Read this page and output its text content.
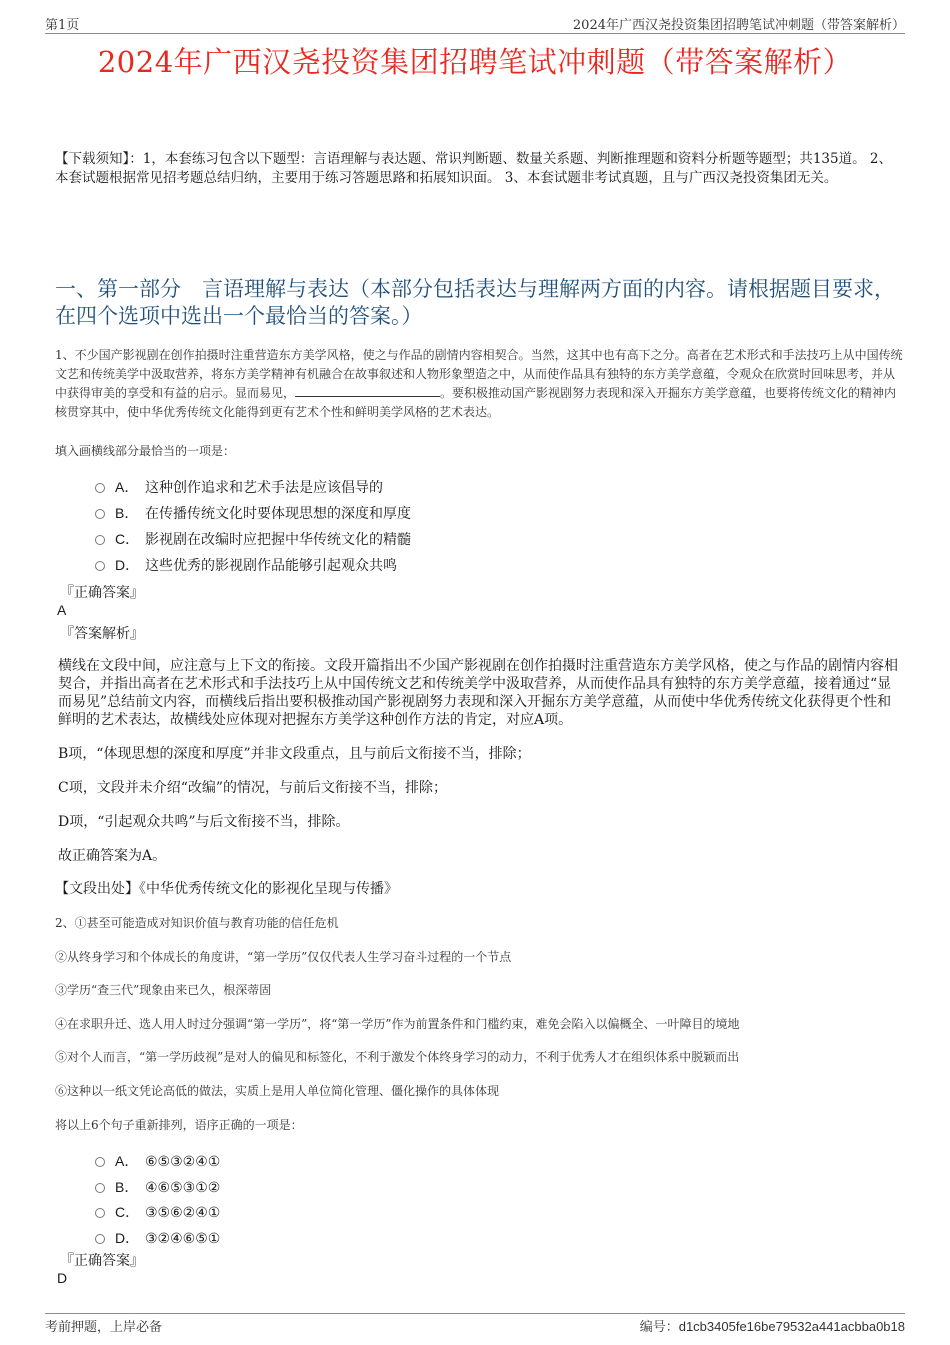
第1页	2024年广西汉尧投资集团招聘笔试冲刺题（带答案解析）
2024年广西汉尧投资集团招聘笔试冲刺题（带答案解析）
【下载须知】：1，本套练习包含以下题型：言语理解与表达题、常识判断题、数量关系题、判断推理题和资料分析题等题型；共135道。 2、本套试题根据常见招考题总结归纳，主要用于练习答题思路和拓展知识面。 3、本套试题非考试真题，且与广西汉尧投资集团无关。
一、第一部分　言语理解与表达（本部分包括表达与理解两方面的内容。请根据题目要求，在四个选项中选出一个最恰当的答案。）
1、不少国产影视剧在创作拍摄时注重营造东方美学风格，使之与作品的剧情内容相契合。当然，这其中也有高下之分。高者在艺术形式和手法技巧上从中国传统文艺和传统美学中汲取营养，将东方美学精神有机融合在故事叙述和人物形象塑造之中，从而使作品具有独特的东方美学意蕴，令观众在欣赏时回味思考，并从中获得审美的享受和有益的启示。显而易见，	。要积极推动国产影视剧努力表现和深入开掘东方美学意蕴，也要将传统文化的精神内核贯穿其中，使中华优秀传统文化能得到更有艺术个性和鲜明美学风格的艺术表达。
填入画横线部分最恰当的一项是：
A． 这种创作追求和艺术手法是应该倡导的
B． 在传播传统文化时要体现思想的深度和厚度
C． 影视剧在改编时应把握中华传统文化的精髓
D． 这些优秀的影视剧作品能够引起观众共鸣
『正确答案』
A
『答案解析』
横线在文段中间，应注意与上下文的衔接。文段开篇指出不少国产影视剧在创作拍摄时注重营造东方美学风格，使之与作品的剧情内容相契合，并指出高者在艺术形式和手法技巧上从中国传统文艺和传统美学中汲取营养，从而使作品具有独特的东方美学意蕴，接着通过“显而易见”总结前文内容，而横线后指出要积极推动国产影视剧努力表现和深入开掘东方美学意蕴，从而使中华优秀传统文化获得更个性和鲜明的艺术表达，故横线处应体现对把握东方美学这种创作方法的肯定，对应A项。
B项，“体现思想的深度和厚度”并非文段重点，且与前后文衔接不当，排除；
C项，文段并未介绍“改编”的情况，与前后文衔接不当，排除；
D项，“引起观众共鸣”与后文衔接不当，排除。
故正确答案为A。
【文段出处】《中华优秀传统文化的影视化呈现与传播》
2、①甚至可能造成对知识价值与教育功能的信任危机
②从终身学习和个体成长的角度讲，“第一学历”仅仅代表人生学习奋斗过程的一个节点
③学历“查三代”现象由来已久，根深蒂固
④在求职升迁、选人用人时过分强调“第一学历”，将“第一学历”作为前置条件和门槛约束，难免会陷入以偏概全、一叶障目的境地
⑤对个人而言，“第一学历歧视”是对人的偏见和标签化，不利于激发个体终身学习的动力，不利于优秀人才在组织体系中脱颖而出
⑥这种以一纸文凭论高低的做法，实质上是用人单位简化管理、僵化操作的具体体现
将以上6个句子重新排列，语序正确的一项是：
A． ⑥⑤③②④①
B． ④⑥⑤③①②
C． ③⑤⑥②④①
D． ③②④⑥⑤①
『正确答案』
D
考前押题，上岸必备	编号：d1cb3405fe16be79532a441acbba0b18
